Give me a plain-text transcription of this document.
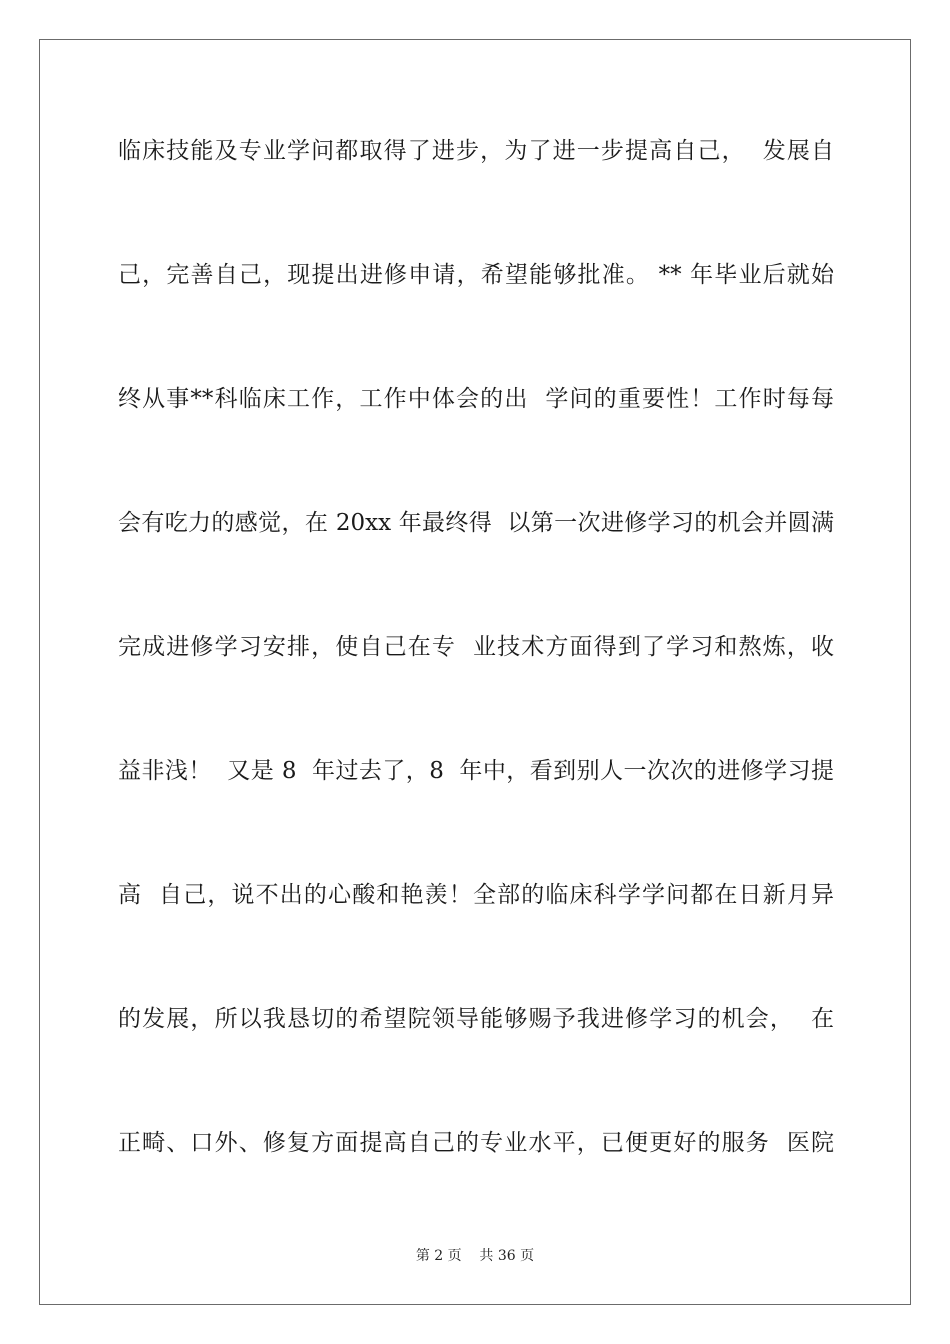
临床技能及专业学问都取得了进步，为了进一步提高自己，  发展自
己，完善自己，现提出进修申请，希望能够批准。 ** 年毕业后就始
终从事**科临床工作，工作中体会的出  学问的重要性！工作时每每
会有吃力的感觉，在 20xx 年最终得  以第一次进修学习的机会并圆满
完成进修学习安排，使自己在专  业技术方面得到了学习和熬炼，收
益非浅！  又是 8  年过去了，8  年中，看到别人一次次的进修学习提
高  自己，说不出的心酸和艳羡！全部的临床科学学问都在日新月异
的发展，所以我恳切的希望院领导能够赐予我进修学习的机会，  在
正畸、口外、修复方面提高自己的专业水平，已便更好的服务  医院
第 2 页    共 36 页
